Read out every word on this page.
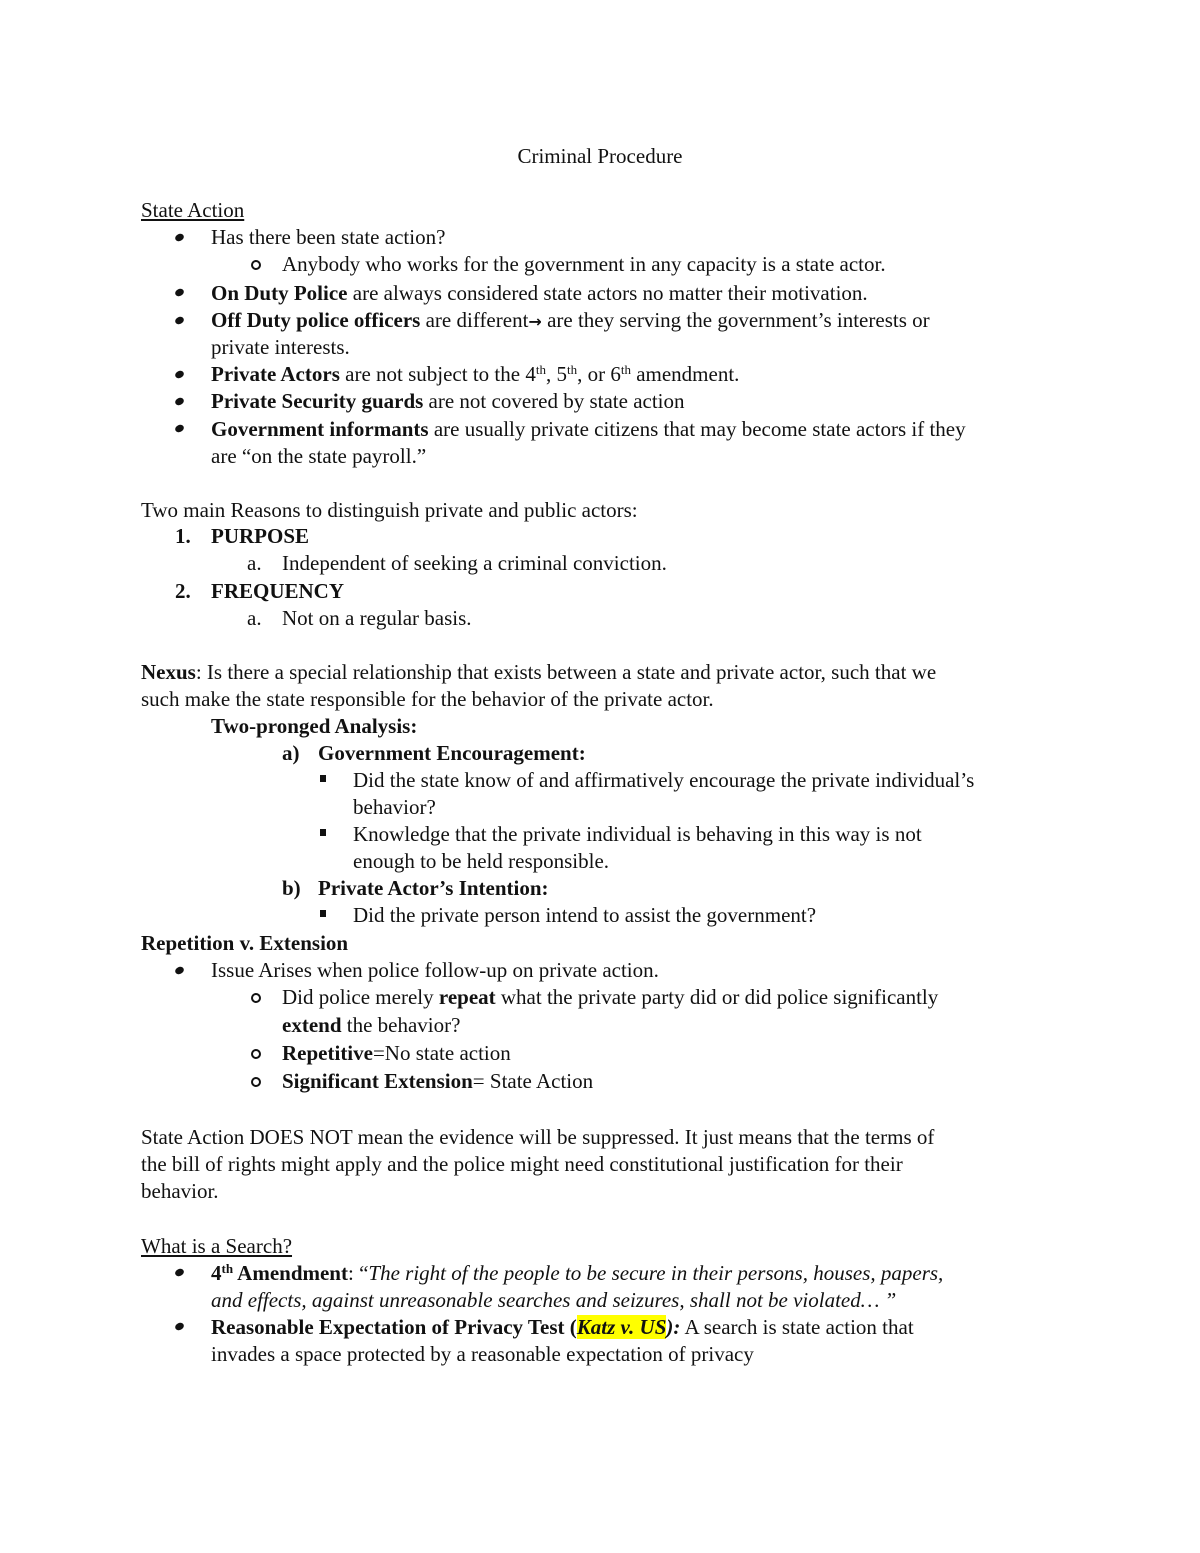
Criminal Procedure
State Action
Has there been state action?
Anybody who works for the government in any capacity is a state actor.
On Duty Police are always considered state actors no matter their motivation.
Off Duty police officers are different→ are they serving the government’s interests or
private interests.
Private Actors are not subject to the 4th, 5th, or 6th amendment.
Private Security guards are not covered by state action
Government informants are usually private citizens that may become state actors if they
are “on the state payroll.”
Two main Reasons to distinguish private and public actors:
1. PURPOSE
a. Independent of seeking a criminal conviction.
2. FREQUENCY
a. Not on a regular basis.
Nexus: Is there a special relationship that exists between a state and private actor, such that we
such make the state responsible for the behavior of the private actor.
Two-pronged Analysis:
a) Government Encouragement:
Did the state know of and affirmatively encourage the private individual’s
behavior?
Knowledge that the private individual is behaving in this way is not
enough to be held responsible.
b) Private Actor’s Intention:
Did the private person intend to assist the government?
Repetition v. Extension
Issue Arises when police follow-up on private action.
Did police merely repeat what the private party did or did police significantly
extend the behavior?
Repetitive=No state action
Significant Extension= State Action
State Action DOES NOT mean the evidence will be suppressed. It just means that the terms of
the bill of rights might apply and the police might need constitutional justification for their
behavior.
What is a Search?
4th Amendment: “The right of the people to be secure in their persons, houses, papers,
and effects, against unreasonable searches and seizures, shall not be violated… ”
Reasonable Expectation of Privacy Test (Katz v. US): A search is state action that
invades a space protected by a reasonable expectation of privacy
